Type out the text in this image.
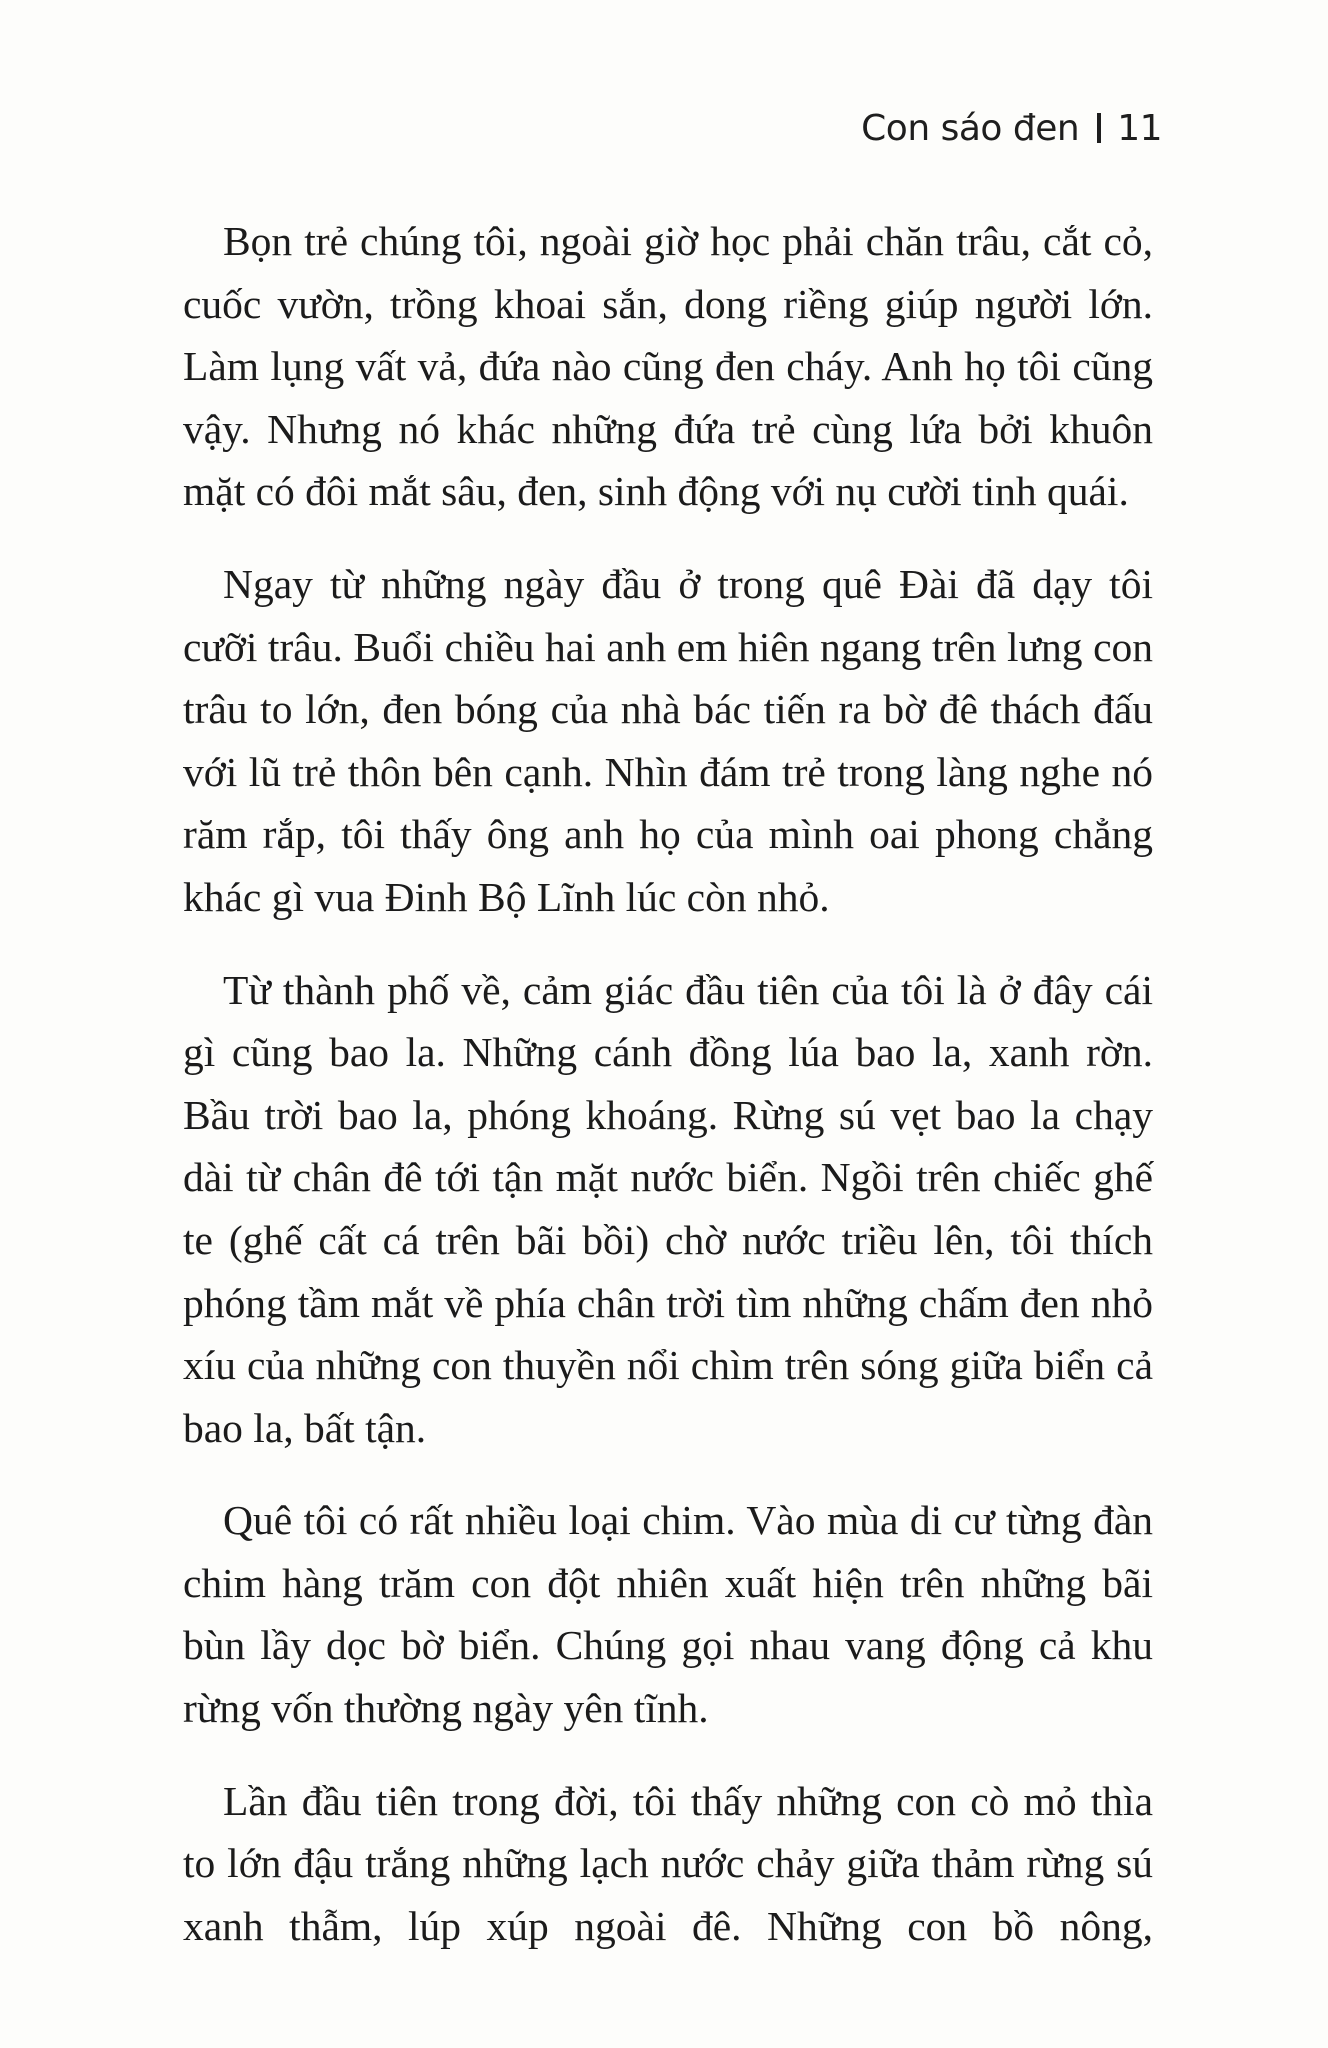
Con sáo đen 11

Bọn trẻ chúng tôi, ngoài giờ học phải chăn trâu, cắt cỏ, cuốc vườn, trồng khoai sắn, dong riềng giúp người lớn. Làm lụng vất vả, đứa nào cũng đen cháy. Anh họ tôi cũng vậy. Nhưng nó khác những đứa trẻ cùng lứa bởi khuôn mặt có đôi mắt sâu, đen, sinh động với nụ cười tinh quái.

Ngay từ những ngày đầu ở trong quê Đài đã dạy tôi cưỡi trâu. Buổi chiều hai anh em hiên ngang trên lưng con trâu to lớn, đen bóng của nhà bác tiến ra bờ đê thách đấu với lũ trẻ thôn bên cạnh. Nhìn đám trẻ trong làng nghe nó răm rắp, tôi thấy ông anh họ của mình oai phong chẳng khác gì vua Đinh Bộ Lĩnh lúc còn nhỏ.

Từ thành phố về, cảm giác đầu tiên của tôi là ở đây cái gì cũng bao la. Những cánh đồng lúa bao la, xanh rờn. Bầu trời bao la, phóng khoáng. Rừng sú vẹt bao la chạy dài từ chân đê tới tận mặt nước biển. Ngồi trên chiếc ghế te (ghế cất cá trên bãi bồi) chờ nước triều lên, tôi thích phóng tầm mắt về phía chân trời tìm những chấm đen nhỏ xíu của những con thuyền nổi chìm trên sóng giữa biển cả bao la, bất tận.

Quê tôi có rất nhiều loại chim. Vào mùa di cư từng đàn chim hàng trăm con đột nhiên xuất hiện trên những bãi bùn lầy dọc bờ biển. Chúng gọi nhau vang động cả khu rừng vốn thường ngày yên tĩnh.

Lần đầu tiên trong đời, tôi thấy những con cò mỏ thìa to lớn đậu trắng những lạch nước chảy giữa thảm rừng sú xanh thẫm, lúp xúp ngoài đê. Những con bồ nông,
